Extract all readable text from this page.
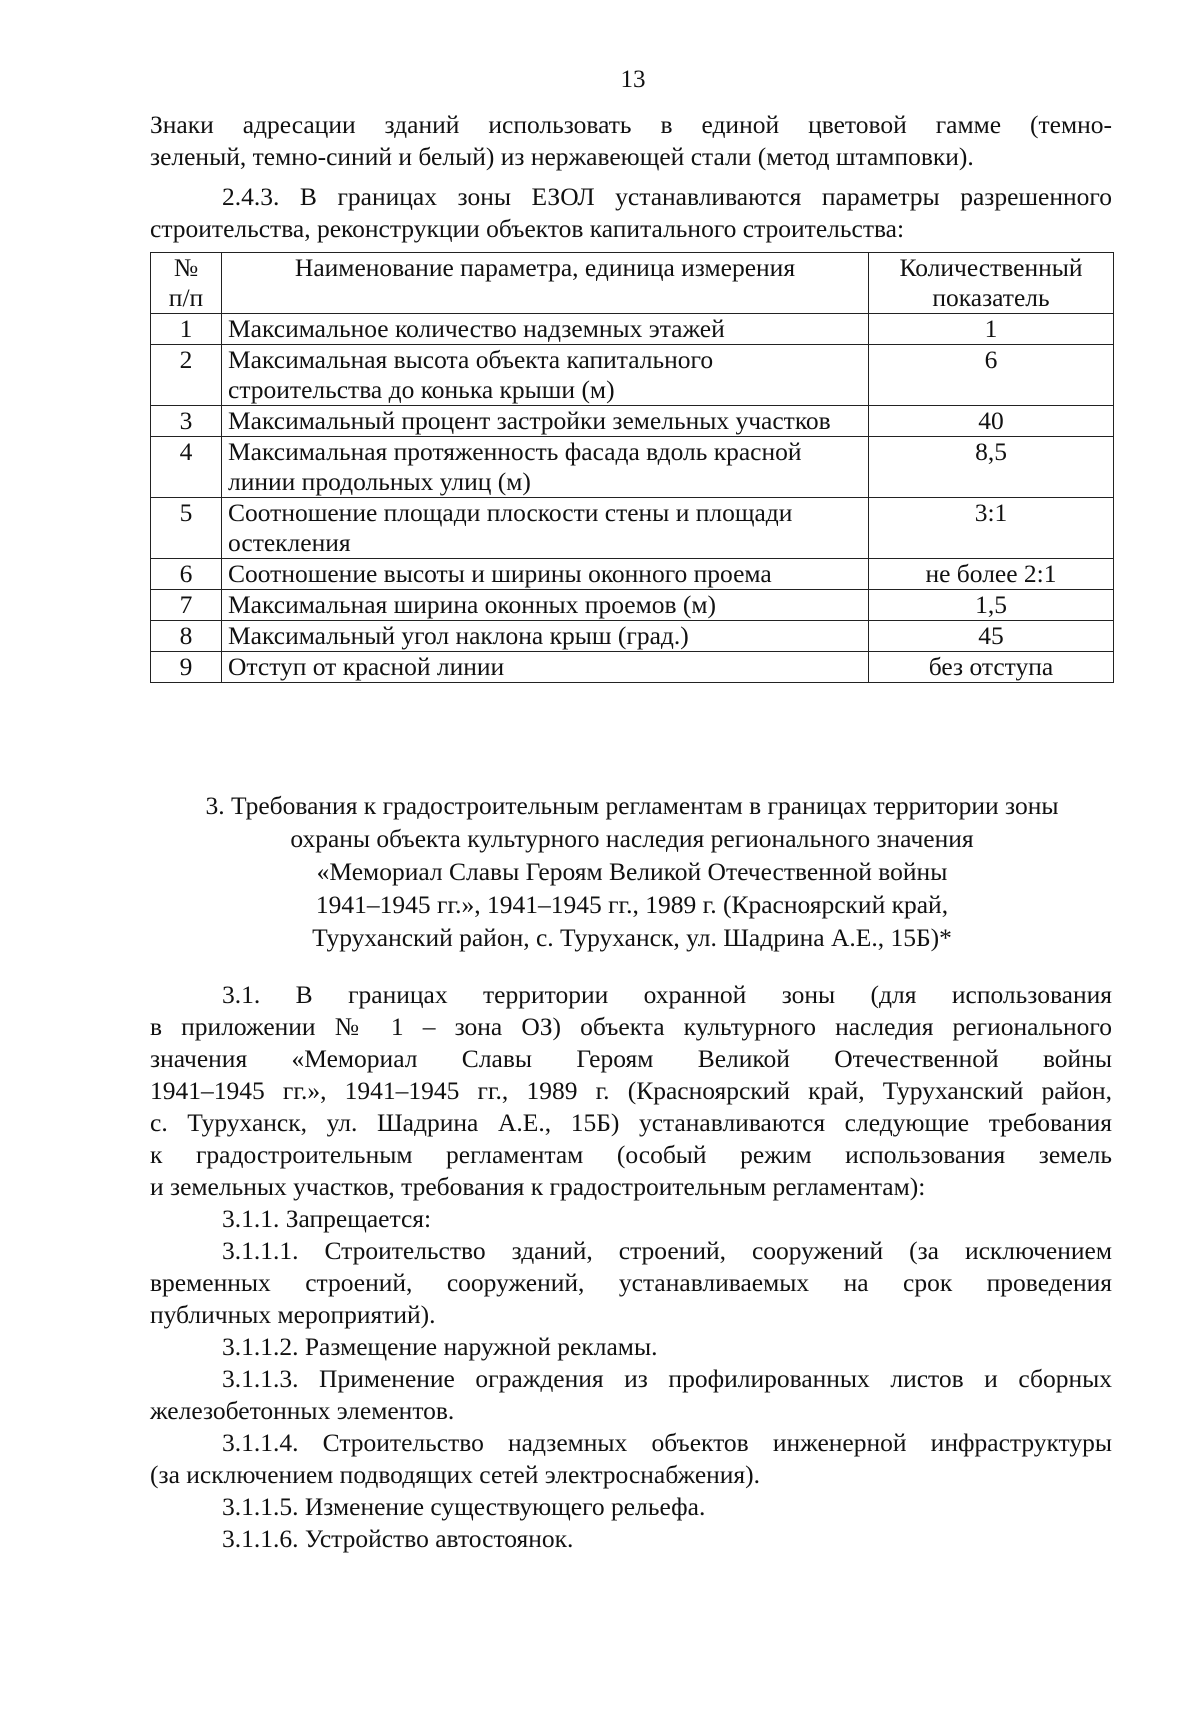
13

Знаки адресации зданий использовать в единой цветовой гамме (темно-
зеленый, темно-синий и белый) из нержавеющей стали (метод штамповки).

2.4.3. В границах зоны ЕЗОЛ устанавливаются параметры разрешенного
строительства, реконструкции объектов капитального строительства:

№
п/п	Наименование параметра, единица измерения	Количественный
показатель
1	Максимальное количество надземных этажей	1
2	Максимальная высота объекта капитального строительства до конька крыши (м)	6
3	Максимальный процент застройки земельных участков	40
4	Максимальная протяженность фасада вдоль красной линии продольных улиц (м)	8,5
5	Соотношение площади плоскости стены и площади остекления	3:1
6	Соотношение высоты и ширины оконного проема	не более 2:1
7	Максимальная ширина оконных проемов (м)	1,5
8	Максимальный угол наклона крыш (град.)	45
9	Отступ от красной линии	без отступа
3. Требования к градостроительным регламентам в границах территории зоны
охраны объекта культурного наследия регионального значения
«Мемориал Славы Героям Великой Отечественной войны
1941–1945 гг.», 1941–1945 гг., 1989 г. (Красноярский край,
Туруханский район, с. Туруханск, ул. Шадрина А.Е., 15Б)*

3.1. В границах территории охранной зоны (для использования
в приложении № 1 – зона ОЗ) объекта культурного наследия регионального
значения «Мемориал Славы Героям Великой Отечественной войны
1941–1945 гг.», 1941–1945 гг., 1989 г. (Красноярский край, Туруханский район,
с. Туруханск, ул. Шадрина А.Е., 15Б) устанавливаются следующие требования
к градостроительным регламентам (особый режим использования земель
и земельных участков, требования к градостроительным регламентам):

3.1.1. Запрещается:

3.1.1.1. Строительство зданий, строений, сооружений (за исключением
временных строений, сооружений, устанавливаемых на срок проведения
публичных мероприятий).

3.1.1.2. Размещение наружной рекламы.

3.1.1.3. Применение ограждения из профилированных листов и сборных
железобетонных элементов.

3.1.1.4. Строительство надземных объектов инженерной инфраструктуры
(за исключением подводящих сетей электроснабжения).

3.1.1.5. Изменение существующего рельефа.

3.1.1.6. Устройство автостоянок.
